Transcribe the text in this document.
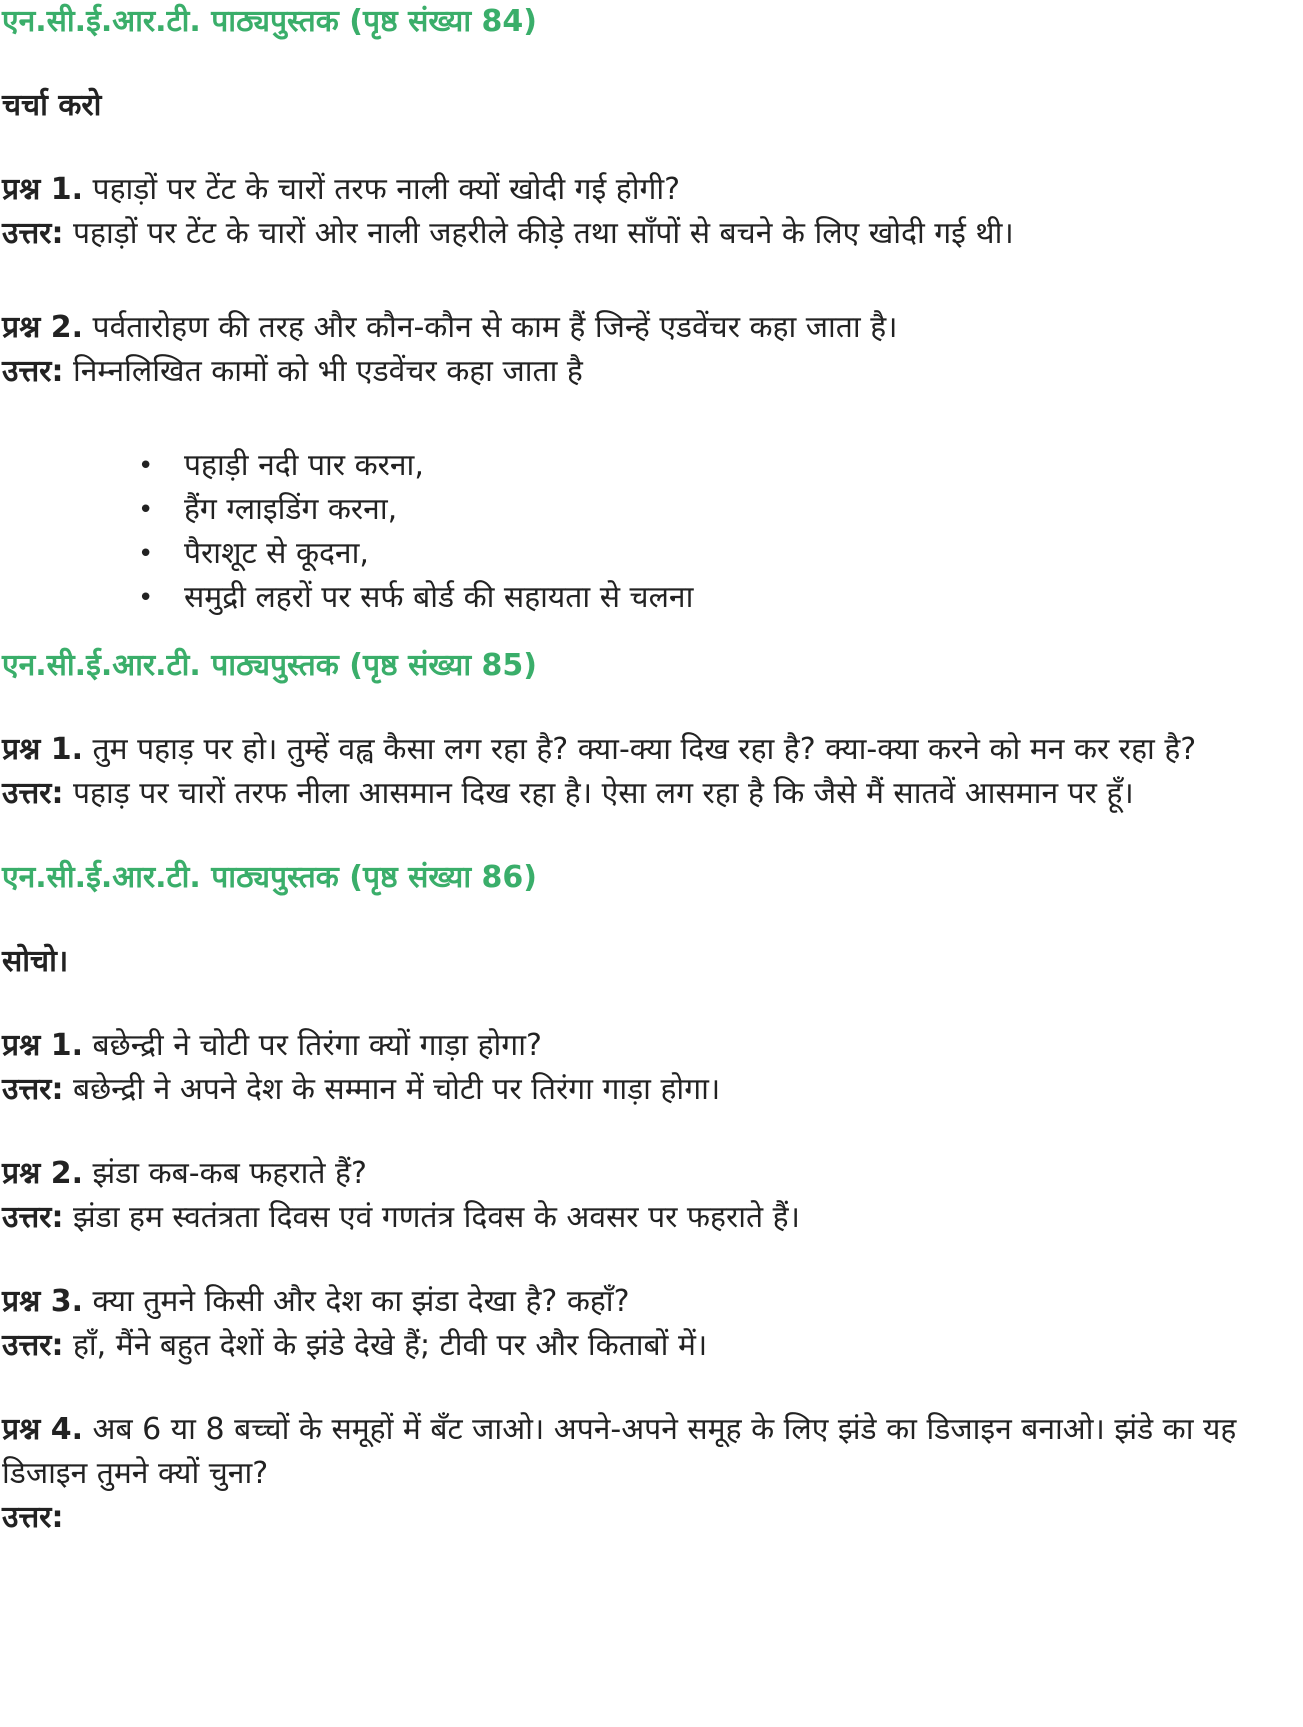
एन.सी.ई.आर.टी. पाठ्यपुस्तक (पृष्ठ संख्या 84)

चर्चा करो

प्रश्न 1. पहाड़ों पर टेंट के चारों तरफ नाली क्यों खोदी गई होगी?

उत्तर: पहाड़ों पर टेंट के चारों ओर नाली जहरीले कीड़े तथा साँपों से बचने के लिए खोदी गई थी।

प्रश्न 2. पर्वतारोहण की तरह और कौन-कौन से काम हैं जिन्हें एडवेंचर कहा जाता है।

उत्तर: निम्नलिखित कामों को भी एडवेंचर कहा जाता है

• पहाड़ी नदी पार करना,
• हैंग ग्लाइडिंग करना,
• पैराशूट से कूदना,
• समुद्री लहरों पर सर्फ बोर्ड की सहायता से चलना

एन.सी.ई.आर.टी. पाठ्यपुस्तक (पृष्ठ संख्या 85)

प्रश्न 1. तुम पहाड़ पर हो। तुम्हें वह्व कैसा लग रहा है? क्या-क्या दिख रहा है? क्या-क्या करने को मन कर रहा है?

उत्तर: पहाड़ पर चारों तरफ नीला आसमान दिख रहा है। ऐसा लग रहा है कि जैसे मैं सातवें आसमान पर हूँ।

एन.सी.ई.आर.टी. पाठ्यपुस्तक (पृष्ठ संख्या 86)

सोचो।

प्रश्न 1. बछेन्द्री ने चोटी पर तिरंगा क्यों गाड़ा होगा?

उत्तर: बछेन्द्री ने अपने देश के सम्मान में चोटी पर तिरंगा गाड़ा होगा।

प्रश्न 2. झंडा कब-कब फहराते हैं?

उत्तर: झंडा हम स्वतंत्रता दिवस एवं गणतंत्र दिवस के अवसर पर फहराते हैं।

प्रश्न 3. क्या तुमने किसी और देश का झंडा देखा है? कहाँ?

उत्तर: हाँ, मैंने बहुत देशों के झंडे देखे हैं; टीवी पर और किताबों में।

प्रश्न 4. अब 6 या 8 बच्चों के समूहों में बँट जाओ। अपने-अपने समूह के लिए झंडे का डिजाइन बनाओ। झंडे का यह डिजाइन तुमने क्यों चुना?

उत्तर:
